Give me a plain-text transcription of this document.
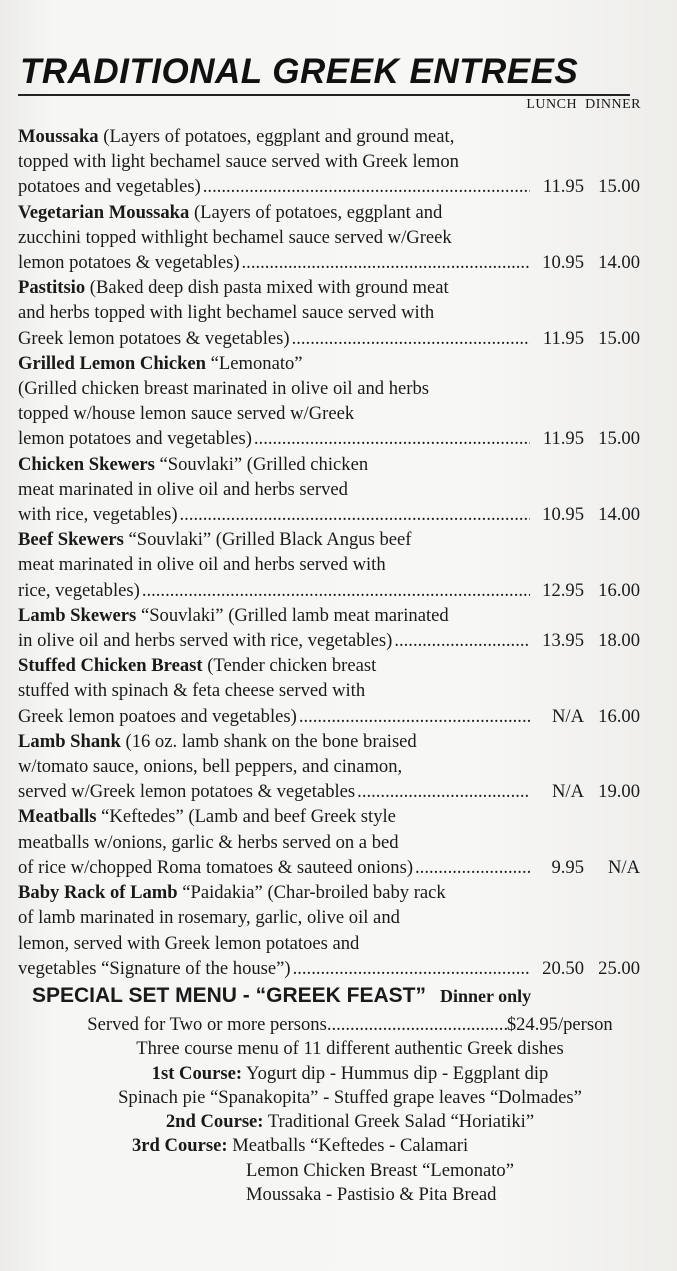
TRADITIONAL GREEK ENTREES
LUNCH DINNER
Moussaka (Layers of potatoes, eggplant and ground meat,
topped with light bechamel sauce served with Greek lemon
potatoes and vegetables) .....	11.95 15.00
Vegetarian Moussaka (Layers of potatoes, eggplant and
zucchini topped withlight bechamel sauce served w/Greek
lemon potatoes & vegetables) .....	10.95 14.00
Pastitsio (Baked deep dish pasta mixed with ground meat
and herbs topped with light bechamel sauce served with
Greek lemon potatoes & vegetables) .....	11.95 15.00
Grilled Lemon Chicken “Lemonato”
(Grilled chicken breast marinated in olive oil and herbs
topped w/house lemon sauce served w/Greek
lemon potatoes and vegetables) .....	11.95 15.00
Chicken Skewers “Souvlaki” (Grilled chicken
meat marinated in olive oil and herbs served
with rice, vegetables) .....	10.95 14.00
Beef Skewers “Souvlaki” (Grilled Black Angus beef
meat marinated in olive oil and herbs served with
rice, vegetables) .....	12.95 16.00
Lamb Skewers “Souvlaki” (Grilled lamb meat marinated
in olive oil and herbs served with rice, vegetables) .....	13.95 18.00
Stuffed Chicken Breast (Tender chicken breast
stuffed with spinach & feta cheese served with
Greek lemon poatoes and vegetables) .....	N/A 16.00
Lamb Shank (16 oz. lamb shank on the bone braised
w/tomato sauce, onions, bell peppers, and cinamon,
served w/Greek lemon potatoes & vegetables .....	N/A 19.00
Meatballs “Keftedes” (Lamb and beef Greek style
meatballs w/onions, garlic & herbs served on a bed
of rice w/chopped Roma tomatoes & sauteed onions) .....	9.95	N/A
Baby Rack of Lamb “Paidakia” (Char-broiled baby rack
of lamb marinated in rosemary, garlic, olive oil and
lemon, served with Greek lemon potatoes and
vegetables “Signature of the house”) .....	20.50 25.00
SPECIAL SET MENU - “GREEK FEAST” Dinner only
Served for Two or more persons .....	$24.95/person
Three course menu of 11 different authentic Greek dishes
1st Course: Yogurt dip - Hummus dip - Eggplant dip
Spinach pie “Spanakopita” - Stuffed grape leaves “Dolmades”
2nd Course: Traditional Greek Salad “Horiatiki”
3rd Course: Meatballs “Keftedes - Calamari
Lemon Chicken Breast “Lemonato”
Moussaka - Pastisio & Pita Bread
